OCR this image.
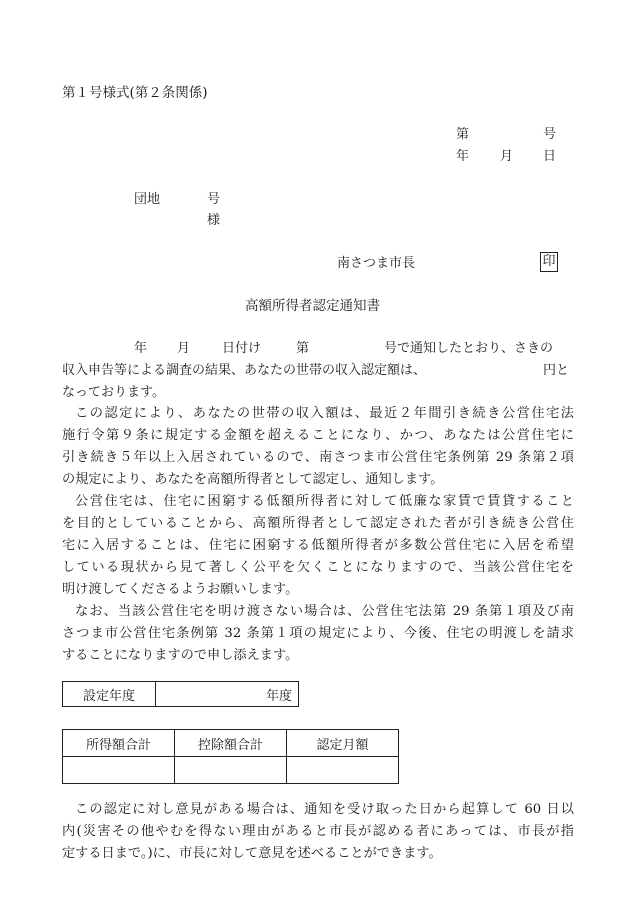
第１号様式(第２条関係)
第	号
年 月 日
団地	号
様
南さつま市長	印
高額所得者認定通知書
年 月 日付け	第	号で通知したとおり、さきの
収入申告等による調査の結果、あなたの世帯の収入認定額は、	円と
なっております。
この認定により、あなたの世帯の収入額は、最近２年間引き続き公営住宅法
施行令第９条に規定する金額を超えることになり、かつ、あなたは公営住宅に
引き続き５年以上入居されているので、南さつま市公営住宅条例第 29 条第２項
の規定により、あなたを高額所得者として認定し、通知します。
公営住宅は、住宅に困窮する低額所得者に対して低廉な家賃で賃貸すること
を目的としていることから、高額所得者として認定された者が引き続き公営住
宅に入居することは、住宅に困窮する低額所得者が多数公営住宅に入居を希望
している現状から見て著しく公平を欠くことになりますので、当該公営住宅を
明け渡してくださるようお願いします。
なお、当該公営住宅を明け渡さない場合は、公営住宅法第 29 条第１項及び南
さつま市公営住宅条例第 32 条第１項の規定により、今後、住宅の明渡しを請求
することになりますので申し添えます。
設定年度	年度
所得額合計	控除額合計	認定月額

この認定に対し意見がある場合は、通知を受け取った日から起算して 60 日以
内(災害その他やむを得ない理由があると市長が認める者にあっては、市長が指
定する日まで。)に、市長に対して意見を述べることができます。
